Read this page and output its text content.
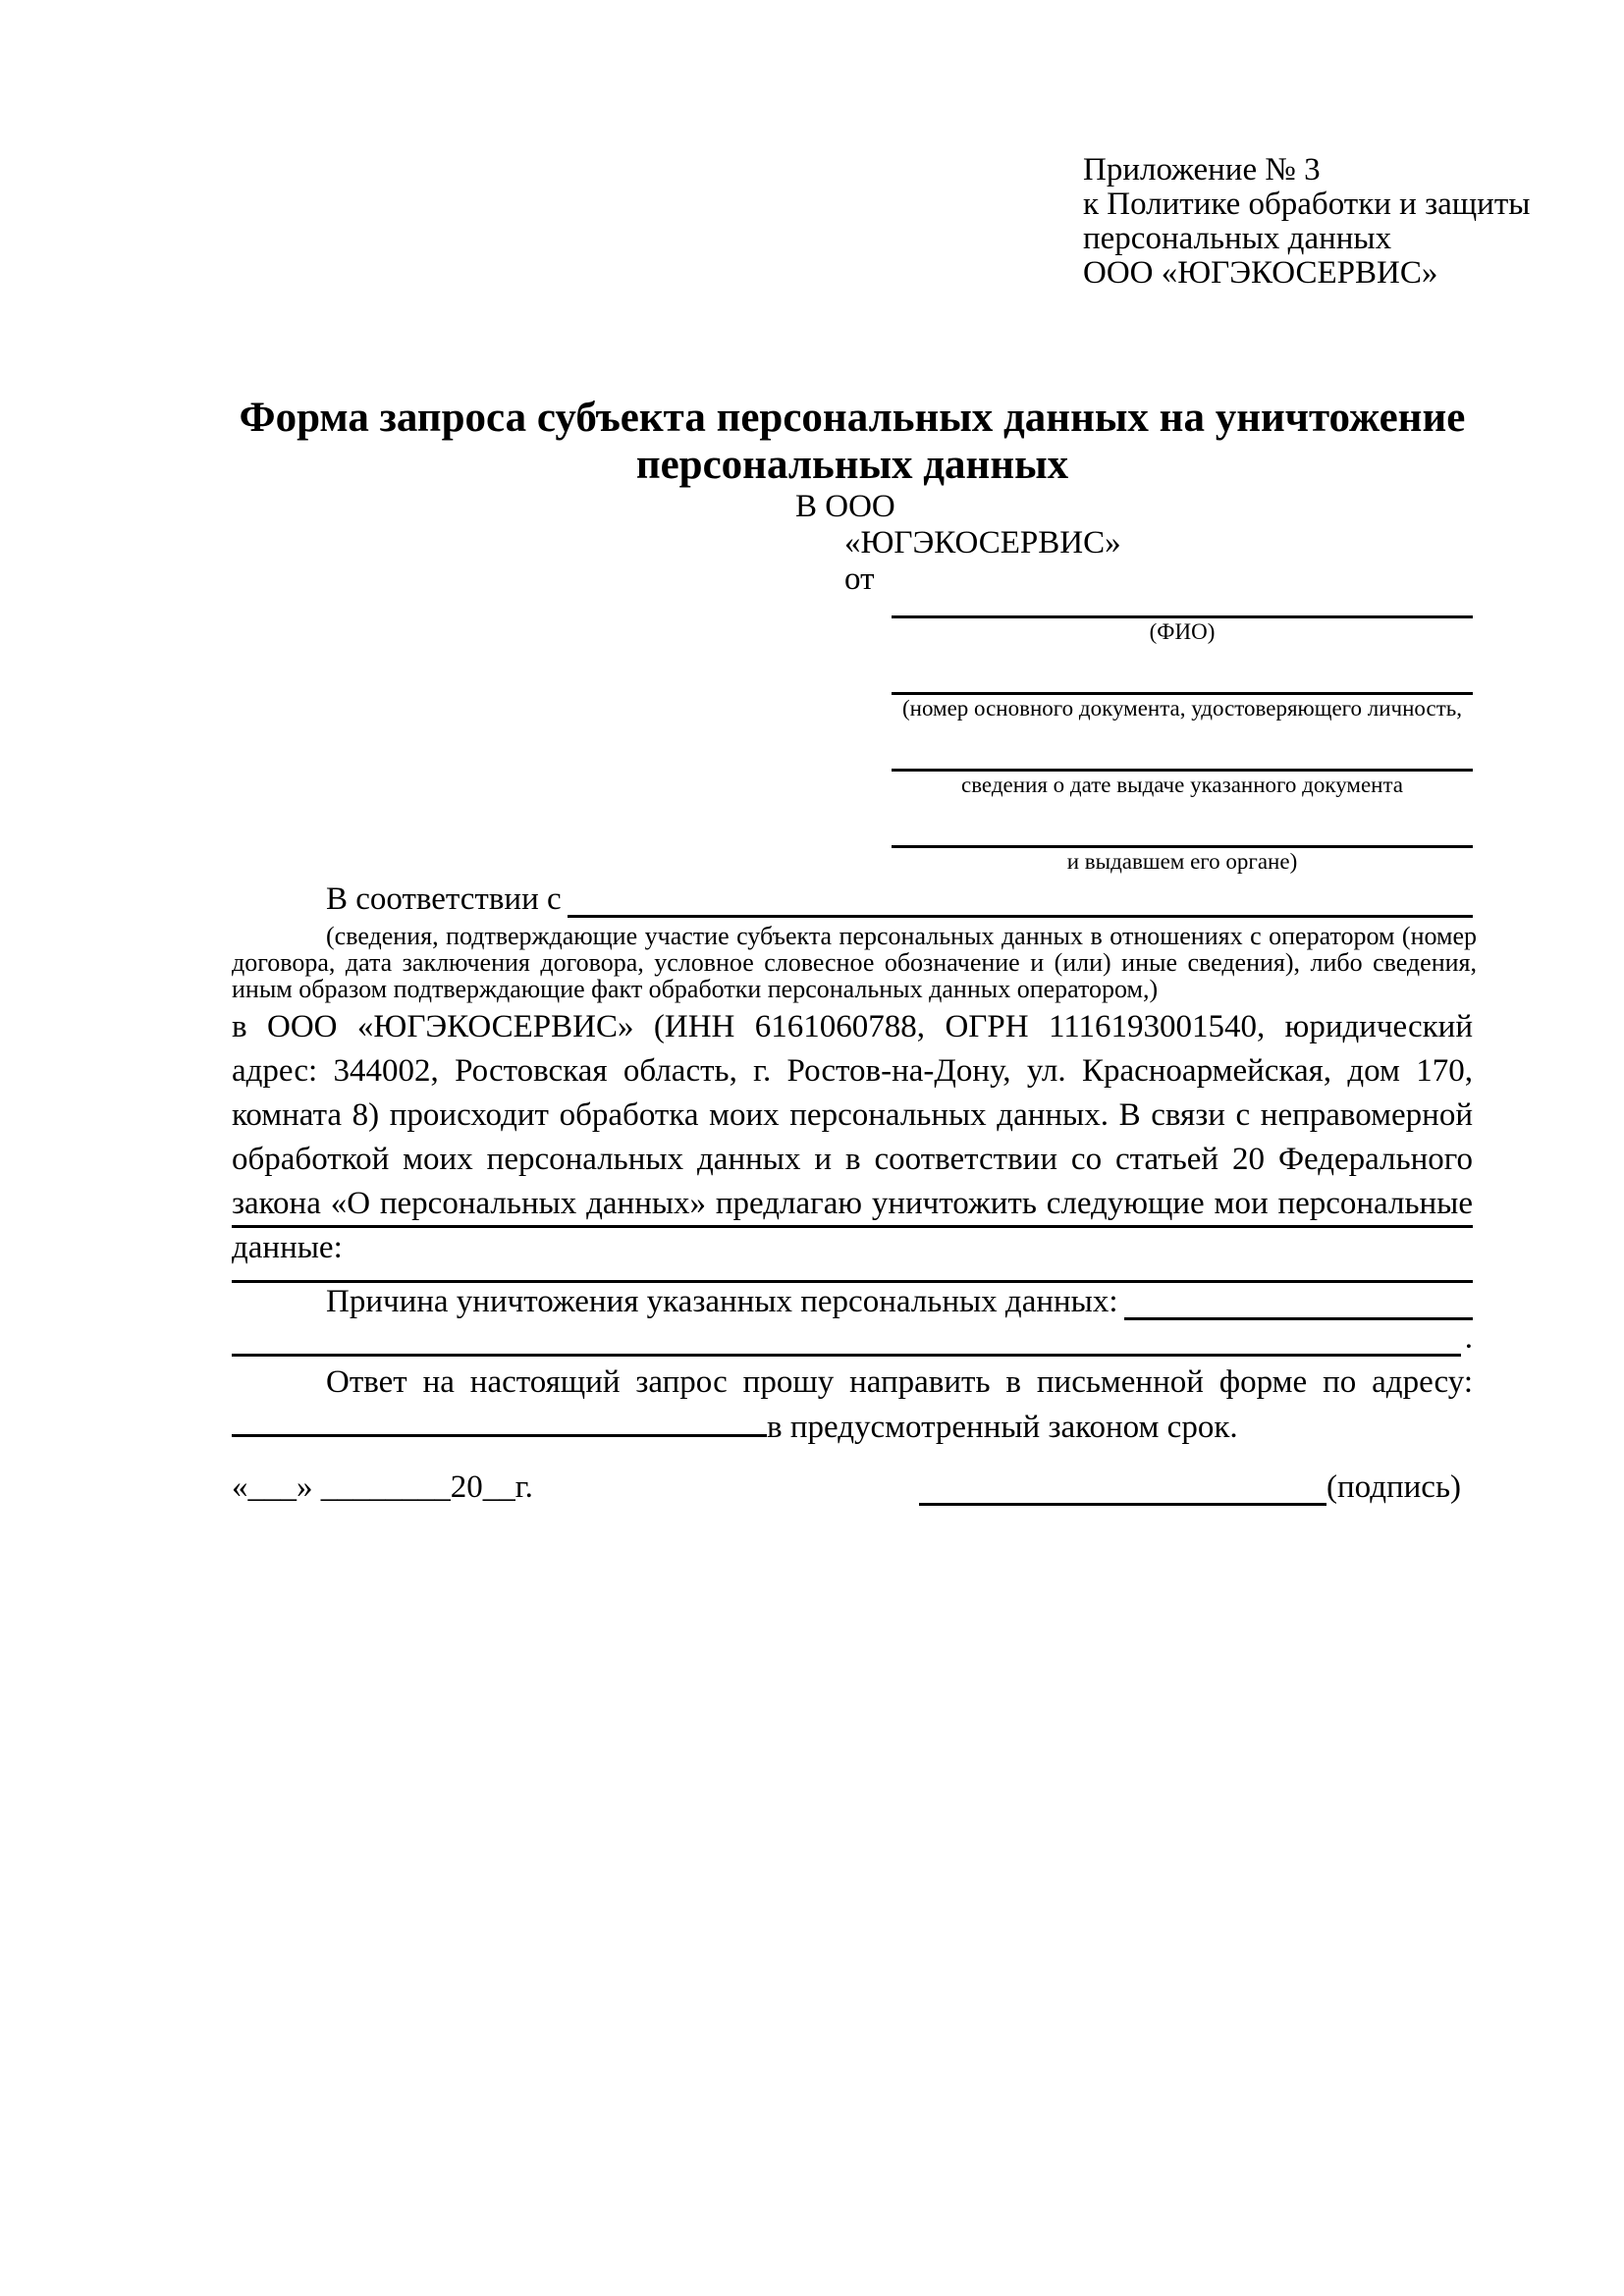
Приложение № 3
к Политике обработки и защиты
персональных данных
ООО «ЮГЭКОСЕРВИС»
Форма запроса субъекта персональных данных на уничтожение персональных данных
В ООО
«ЮГЭКОСЕРВИС»
от
(ФИО)
(номер основного документа, удостоверяющего личность,
сведения о дате выдаче указанного документа
и выдавшем его органе)
В соответствии с
(сведения, подтверждающие участие субъекта персональных данных в отношениях с оператором (номер договора, дата заключения договора, условное словесное обозначение и (или) иные сведения), либо сведения, иным образом подтверждающие факт обработки персональных данных оператором,)
в ООО «ЮГЭКОСЕРВИС» (ИНН 6161060788, ОГРН 1116193001540, юридический адрес: 344002, Ростовская область, г. Ростов-на-Дону, ул. Красноармейская, дом 170, комната 8) происходит обработка моих персональных данных. В связи с неправомерной обработкой моих персональных данных и в соответствии со статьей 20 Федерального закона «О персональных данных» предлагаю уничтожить следующие мои персональные данные:
Причина уничтожения указанных персональных данных:
.
Ответ на настоящий запрос прошу направить в письменной форме по адресу: в предусмотренный законом срок.
«___» ________20__г.	(подпись)
